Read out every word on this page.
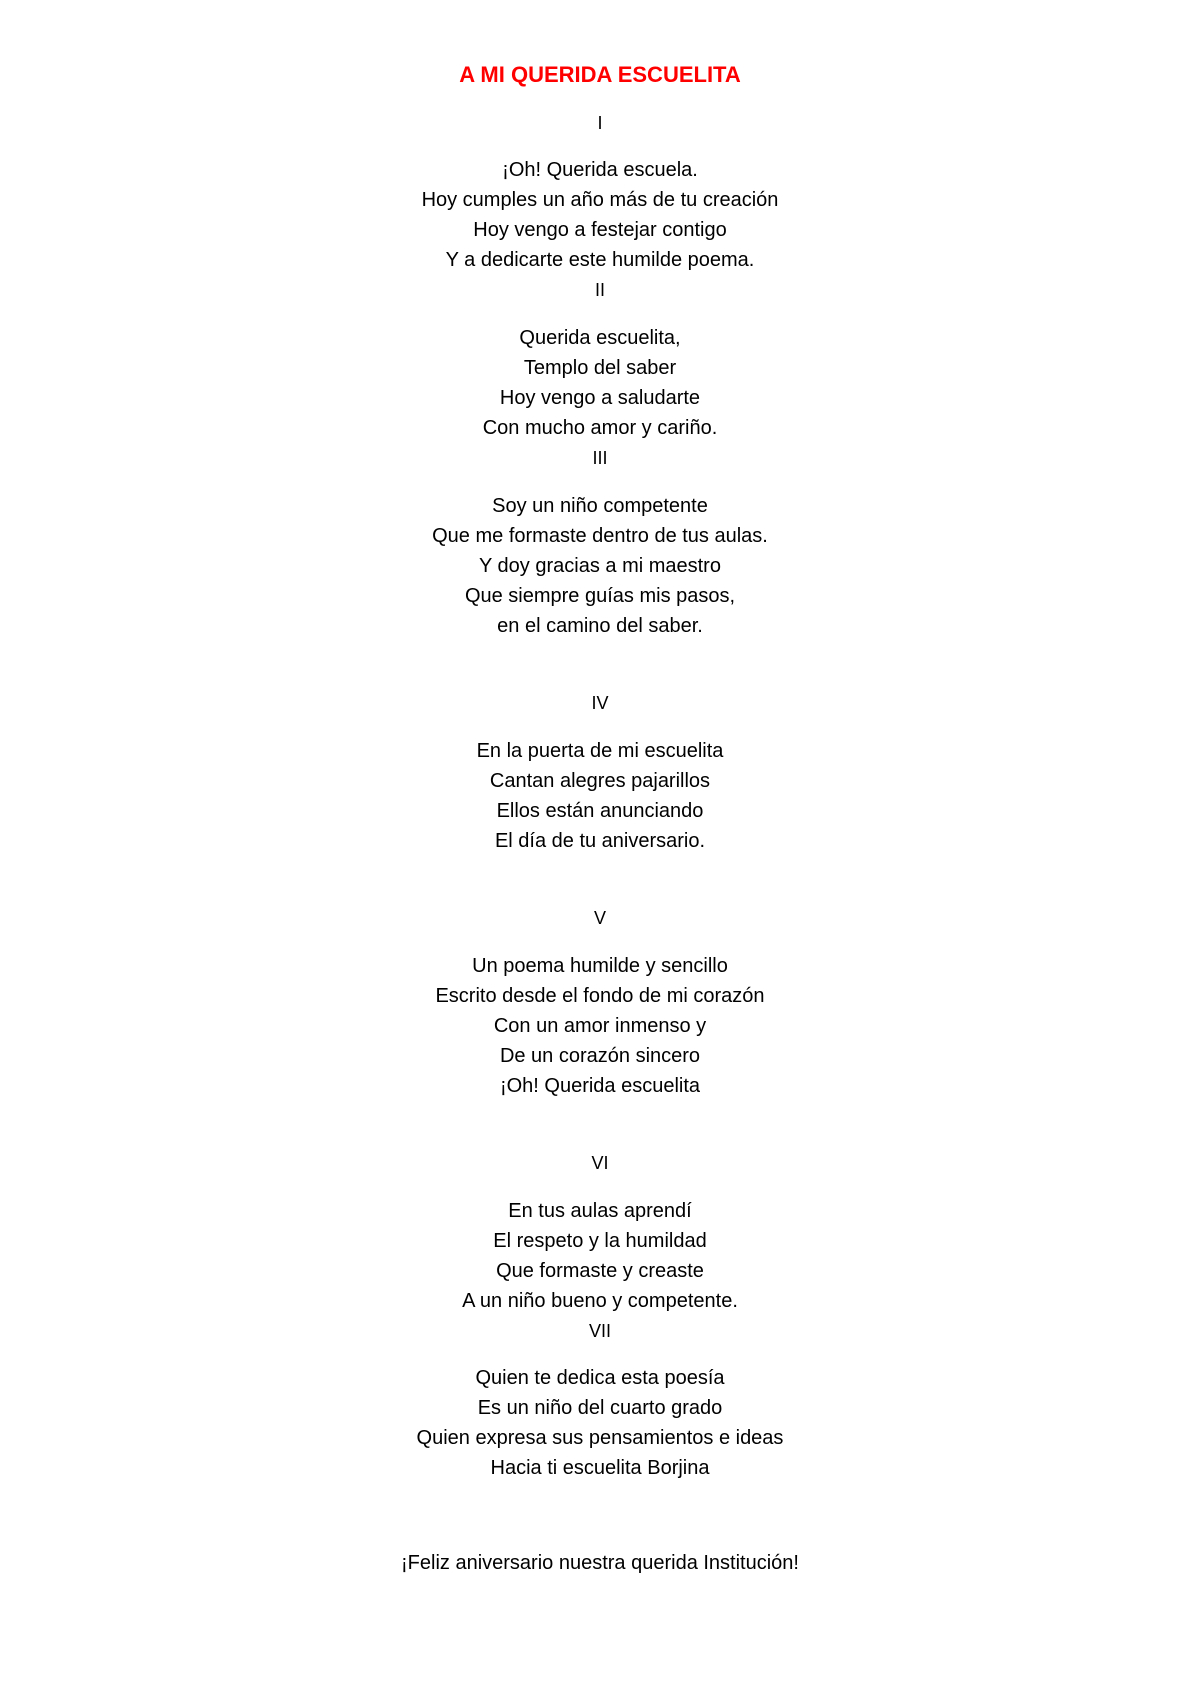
A MI QUERIDA ESCUELITA
I
¡Oh! Querida escuela.
Hoy cumples un año más de tu creación
Hoy vengo a festejar contigo
Y a dedicarte este humilde poema.
II
Querida escuelita,
Templo del saber
Hoy vengo a saludarte
Con mucho amor y cariño.
III
Soy un niño competente
Que me formaste dentro de tus aulas.
Y doy gracias a mi maestro
Que siempre guías mis pasos,
en el camino del saber.
IV
En la puerta de mi escuelita
Cantan alegres pajarillos
Ellos están anunciando
El día de tu aniversario.
V
Un poema humilde y sencillo
Escrito desde el fondo de mi corazón
Con un amor inmenso y
De un corazón sincero
¡Oh! Querida escuelita
VI
En tus aulas aprendí
El respeto y la humildad
Que formaste y creaste
A un niño bueno y competente.
VII
Quien te dedica esta poesía
Es un niño del cuarto grado
Quien expresa sus pensamientos e ideas
Hacia ti escuelita Borjina
¡Feliz aniversario nuestra querida Institución!
